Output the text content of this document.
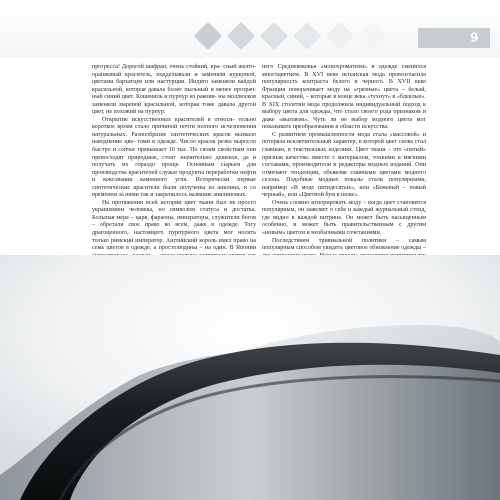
9

прогресса! Дорогой шафран, очень стойкий, кра- сный желто-оранжевый краситель, подделывали и заменяли куркумой, цветами бархатцев или настурции. Индиго заменяли вайдой красильной, которая давала более пыльный и менее прозрач- ный синий цвет. Кошениль и пурпур из ракови- ны моллюсков заменяли мареной красильной, которая тоже давала другой цвет, не похожий на пурпур.

Открытие искусственных красителей в относи- тельно короткое время стало причиной почти полного исчезновения натуральных. Разнообразие синтетических красок вызвало наводнение цве- тами в одежде. Число красок резко выросло быстро и сейчас превышает 10 тыс. По своим свойствам они превосходят природные, стоят значительно дешевле, да и получать их гораздо проще. Основным сырьем для производства красителей служат продукты переработки нефти и коксования каменного угля. Исторически первые синтетические красители были получены из анилина, и со временем за ними так и закрепилось название анилиновых.

На протяжении всей истории цвет ткани был не просто украшением человека, но символом статуса и достатка. Большая мера – царя, фараоны, императоры, служители богов – обретали свое право во всем, даже в одежде. Тогу драгоценного, настоящего пурпурного цвета мог носить только римский император. Английский король имел право на семь цветов в одежде, а простолюдины – на один. В Японии

него Средневековья «монохроматизм» в одежде сменился многоцветием. В XVI веке испанская мода провозгласила популярность контраста белого и черного. В XVII веке Франция поворачивает моду на «грязные» цвета – белый, красный, синий, – которые в конце века «тухнут» в «блеклые». В XIX столетии мода продолжила индивидуальный подход к выбору цвета для одежды, что стало своего рода признаком и даже «вызовом». Чуть ли не выбор модного цвета мог показывать преобразования в области искусства.

С развитием промышленности мода стала «массовой» и потеряла исключительный характер, в которой цвет снова стал главным, в текстильных изделиях. Цвет ткани – это «пятый» признак качества: вместе с материалом, тонкими и мягкими составами, производители и редакторы модных изданий. Они отмечают тенденции, объявляя главными цветами модного сезона. Подобные модных показы стали популярными, например «В моде пятидесятых», или «Бежевый – новый черный», или «Цветной бум в шоке».

Очень сложно игнорировать моду – когда цвет становится популярным, он заявляет о себе и каждый журнальный стенд, где видно в каждой витрине. Он может быть насыщенным особенно, и может быть правительственным с другим «новым» цветом и необычными сочетаниями.

Последствием тривиальной политики – самым популярным способом увидеть цветовое обновление одежды –
